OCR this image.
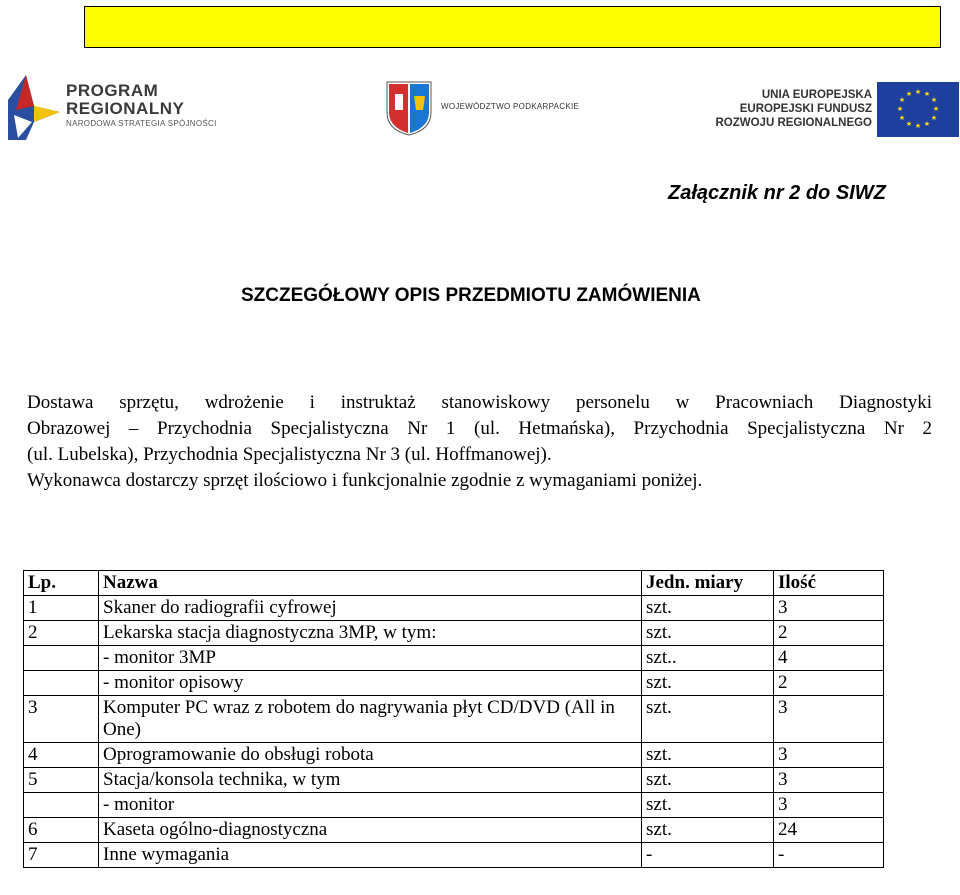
PROGRAM
REGIONALNY
NARODOWA STRATEGIA SPÓJNOŚCI
WOJEWÓDZTWO PODKARPACKIE
UNIA EUROPEJSKA
EUROPEJSKI FUNDUSZ
ROZWOJU REGIONALNEGO
★ ★
★
★
★
★
★
★
★
★
★
★
Załącznik nr 2 do SIWZ
SZCZEGÓŁOWY OPIS PRZEDMIOTU ZAMÓWIENIA
Dostawa sprzętu, wdrożenie i instruktaż stanowiskowy personelu w Pracowniach Diagnostyki
Obrazowej – Przychodnia Specjalistyczna Nr 1 (ul. Hetmańska), Przychodnia Specjalistyczna Nr 2
(ul. Lubelska), Przychodnia Specjalistyczna Nr 3 (ul. Hoffmanowej).
Wykonawca dostarczy sprzęt ilościowo i funkcjonalnie zgodnie z wymaganiami poniżej.
Lp.	Nazwa	Jedn. miary	Ilość
1	Skaner do radiografii cyfrowej	szt.	3
2	Lekarska stacja diagnostyczna 3MP, w tym:	szt.	2
	- monitor 3MP	szt..	4
	- monitor opisowy	szt.	2
3	Komputer PC wraz z robotem do nagrywania płyt CD/DVD (All in One)	szt.	3
4	Oprogramowanie do obsługi robota	szt.	3
5	Stacja/konsola technika, w tym	szt.	3
	- monitor	szt.	3
6	Kaseta ogólno-diagnostyczna	szt.	24
7	Inne wymagania	-	-
